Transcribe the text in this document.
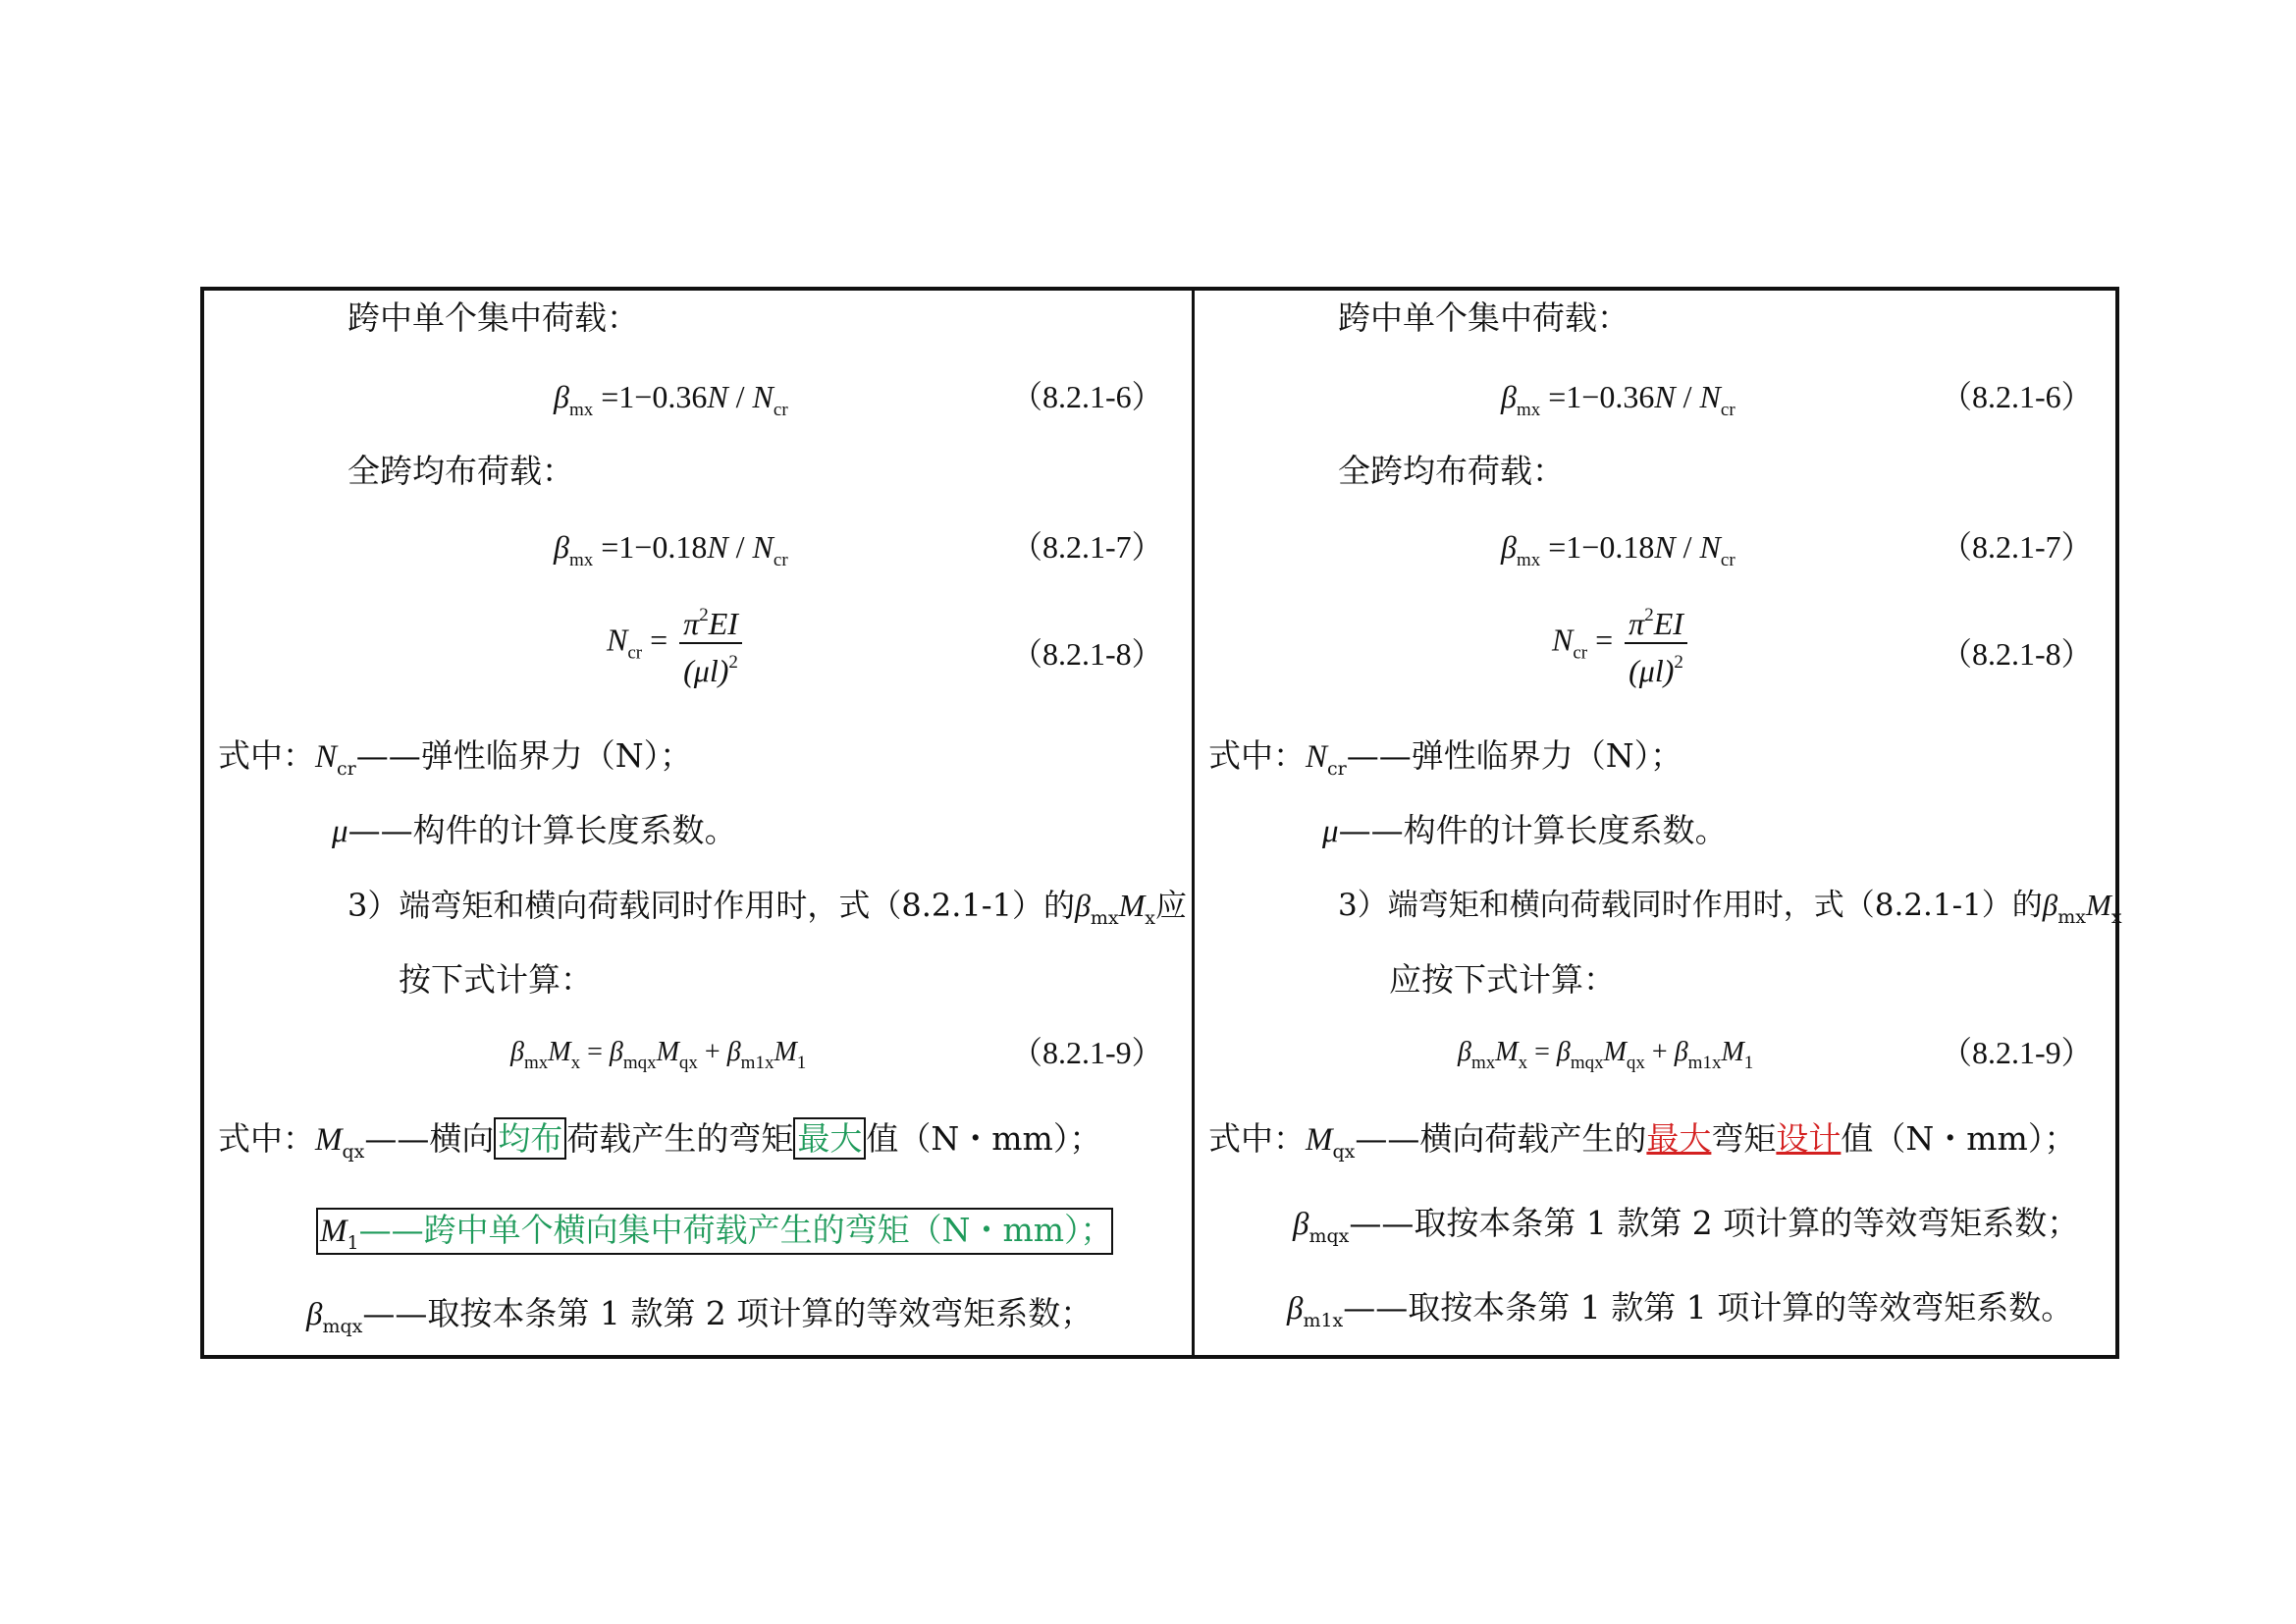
跨中单个集中荷载：
$\beta_{mx} =1-0.36N / N_{cr}$	（8.2.1-6）
全跨均布荷载：
$\beta_{mx} =1-0.18N / N_{cr}$	（8.2.1-7）
$N_{cr} = \frac{\pi^2EI}{(\mu l)^2}$	（8.2.1-8）
式中：$N_{cr}——$弹性临界力（N）；
μ——构件的计算长度系数。
3）端弯矩和横向荷载同时作用时，式（8.2.1-1）的$\beta_{mx}M_x$应
按下式计算：
$\beta_{mx}M_x = \beta_{mqx}M_{qx} + \beta_{m1x}M_1$	（8.2.1-9）
式中：$M_{qx}——$横向 均布 荷载产生的弯矩 最大 值（N・mm）；
$M_1——$跨中单个横向集中荷载产生的弯矩（N・mm）；
$\beta_{mqx}——$取按本条第 1 款第 2 项计算的等效弯矩系数；
跨中单个集中荷载：
$\beta_{mx} =1-0.36N / N_{cr}$	（8.2.1-6）
全跨均布荷载：
$\beta_{mx} =1-0.18N / N_{cr}$	（8.2.1-7）
$N_{cr} = \frac{\pi^2EI}{(\mu l)^2}$	（8.2.1-8）
式中：$N_{cr}——$弹性临界力（N）；
μ——构件的计算长度系数。
3）端弯矩和横向荷载同时作用时，式（8.2.1-1）的$\beta_{mx}M_x$
应按下式计算：
$\beta_{mx}M_x = \beta_{mqx}M_{qx} + \beta_{m1x}M_1$	（8.2.1-9）
式中：$M_{qx}——$横向荷载产生的最大弯矩设计值（N・mm）；
$\beta_{mqx}——$取按本条第 1 款第 2 项计算的等效弯矩系数；
$\beta_{m1x}——$取按本条第 1 款第 1 项计算的等效弯矩系数。
